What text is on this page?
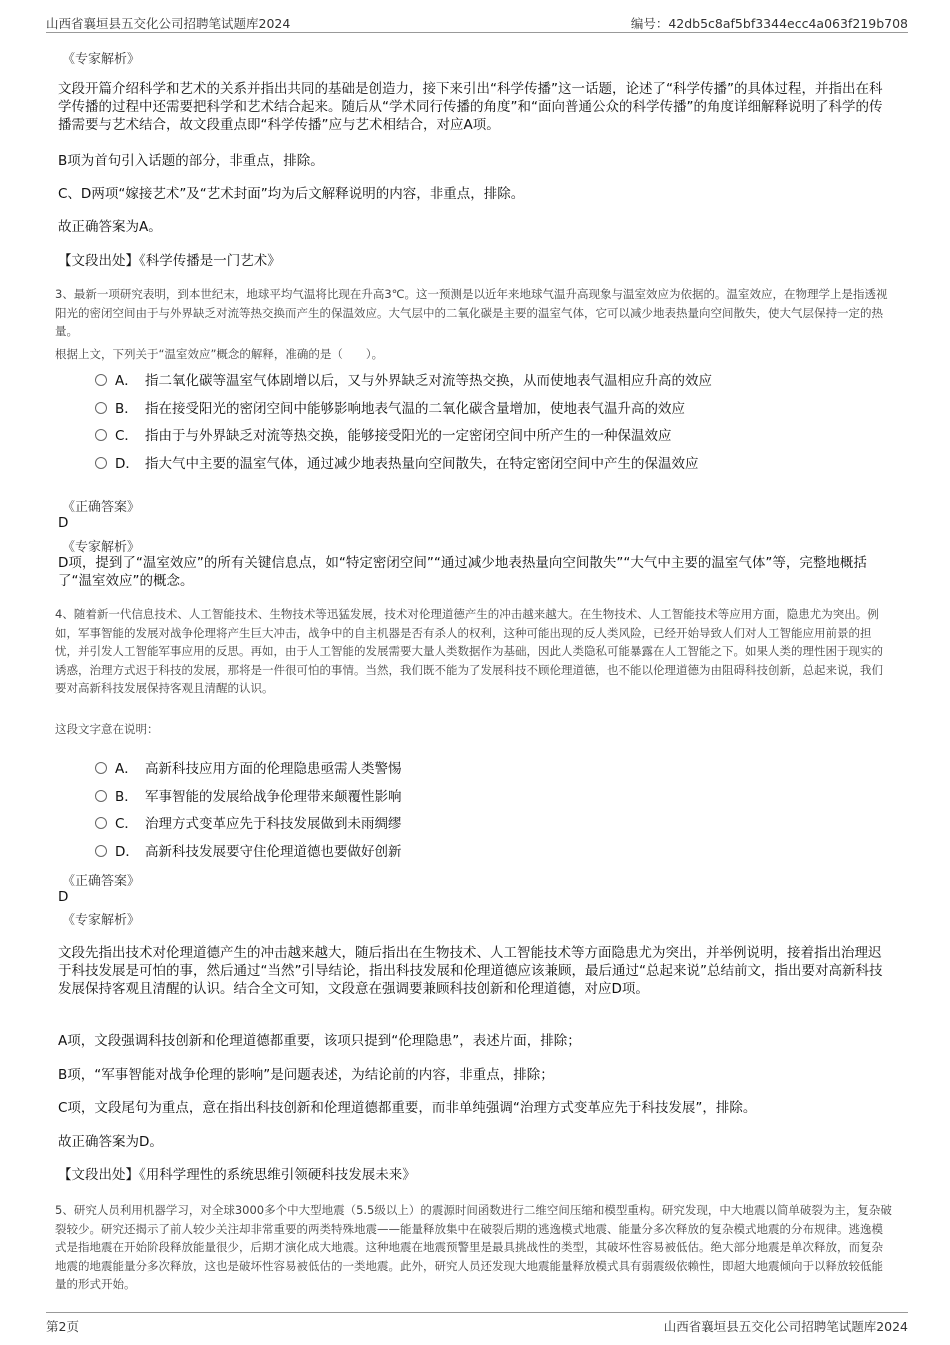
山西省襄垣县五交化公司招聘笔试题库2024	编号：42db5c8af5bf3344ecc4a063f219b708
《专家解析》

文段开篇介绍科学和艺术的关系并指出共同的基础是创造力，接下来引出“科学传播”这一话题，论述了“科学传播”的具体过程，并指出在科学传播的过程中还需要把科学和艺术结合起来。随后从“学术同行传播的角度”和“面向普通公众的科学传播”的角度详细解释说明了科学的传播需要与艺术结合，故文段重点即“科学传播”应与艺术相结合，对应A项。

B项为首句引入话题的部分，非重点，排除。

C、D两项“嫁接艺术”及“艺术封面”均为后文解释说明的内容，非重点，排除。

故正确答案为A。

【文段出处】《科学传播是一门艺术》

3、最新一项研究表明，到本世纪末，地球平均气温将比现在升高3℃。这一预测是以近年来地球气温升高现象与温室效应为依据的。温室效应，在物理学上是指透视阳光的密闭空间由于与外界缺乏对流等热交换而产生的保温效应。大气层中的二氧化碳是主要的温室气体，它可以减少地表热量向空间散失，使大气层保持一定的热量。

根据上文，下列关于“温室效应”概念的解释，准确的是（　　）。

A． 指二氧化碳等温室气体剧增以后，又与外界缺乏对流等热交换，从而使地表气温相应升高的效应
B． 指在接受阳光的密闭空间中能够影响地表气温的二氧化碳含量增加，使地表气温升高的效应
C． 指由于与外界缺乏对流等热交换，能够接受阳光的一定密闭空间中所产生的一种保温效应
D． 指大气中主要的温室气体，通过减少地表热量向空间散失，在特定密闭空间中产生的保温效应
《正确答案》
D
《专家解析》

D项，提到了“温室效应”的所有关键信息点，如“特定密闭空间”“通过减少地表热量向空间散失”“大气中主要的温室气体”等，完整地概括了“温室效应”的概念。

4、随着新一代信息技术、人工智能技术、生物技术等迅猛发展，技术对伦理道德产生的冲击越来越大。在生物技术、人工智能技术等应用方面，隐患尤为突出。例如，军事智能的发展对战争伦理将产生巨大冲击，战争中的自主机器是否有杀人的权利，这种可能出现的反人类风险，已经开始导致人们对人工智能应用前景的担忧，并引发人工智能军事应用的反思。再如，由于人工智能的发展需要大量人类数据作为基础，因此人类隐私可能暴露在人工智能之下。如果人类的理性困于现实的诱惑，治理方式迟于科技的发展，那将是一件很可怕的事情。当然，我们既不能为了发展科技不顾伦理道德，也不能以伦理道德为由阻碍科技创新，总起来说，我们要对高新科技发展保持客观且清醒的认识。

这段文字意在说明：

A． 高新科技应用方面的伦理隐患亟需人类警惕
B． 军事智能的发展给战争伦理带来颠覆性影响
C． 治理方式变革应先于科技发展做到未雨绸缪
D． 高新科技发展要守住伦理道德也要做好创新
《正确答案》
D
《专家解析》

文段先指出技术对伦理道德产生的冲击越来越大，随后指出在生物技术、人工智能技术等方面隐患尤为突出，并举例说明，接着指出治理迟于科技发展是可怕的事，然后通过“当然”引导结论，指出科技发展和伦理道德应该兼顾，最后通过“总起来说”总结前文，指出要对高新科技发展保持客观且清醒的认识。结合全文可知，文段意在强调要兼顾科技创新和伦理道德，对应D项。

A项，文段强调科技创新和伦理道德都重要，该项只提到“伦理隐患”，表述片面，排除；

B项，“军事智能对战争伦理的影响”是问题表述，为结论前的内容，非重点，排除；

C项，文段尾句为重点，意在指出科技创新和伦理道德都重要，而非单纯强调“治理方式变革应先于科技发展”，排除。

故正确答案为D。

【文段出处】《用科学理性的系统思维引领硬科技发展未来》

5、研究人员利用机器学习，对全球3000多个中大型地震（5.5级以上）的震源时间函数进行二维空间压缩和模型重构。研究发现，中大地震以简单破裂为主，复杂破裂较少。研究还揭示了前人较少关注却非常重要的两类特殊地震——能量释放集中在破裂后期的逃逸模式地震、能量分多次释放的复杂模式地震的分布规律。逃逸模式是指地震在开始阶段释放能量很少，后期才演化成大地震。这种地震在地震预警里是最具挑战性的类型，其破坏性容易被低估。绝大部分地震是单次释放，而复杂地震的地震能量分多次释放，这也是破坏性容易被低估的一类地震。此外，研究人员还发现大地震能量释放模式具有弱震级依赖性，即超大地震倾向于以释放较低能量的形式开始。

第2页	山西省襄垣县五交化公司招聘笔试题库2024
